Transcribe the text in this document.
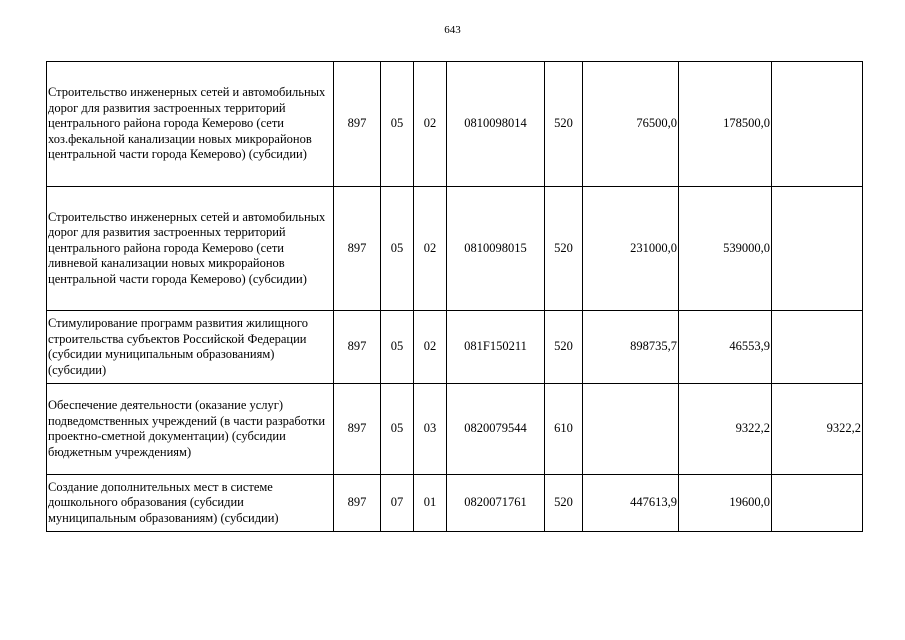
643
Строительство инженерных сетей и автомобильных дорог для развития застроенных территорий центрального района города Кемерово (сети хоз.фекальной канализации новых микрорайонов центральной части города Кемерово) (субсидии)	897	05	02	0810098014	520	76500,0	178500,0	
Строительство инженерных сетей и автомобильных дорог для развития застроенных территорий центрального района города Кемерово (сети ливневой канализации новых микрорайонов центральной части города Кемерово) (субсидии)	897	05	02	0810098015	520	231000,0	539000,0	
Стимулирование программ развития жилищного строительства субъектов Российской Федерации (субсидии муниципальным образованиям) (субсидии)	897	05	02	081F150211	520	898735,7	46553,9	
Обеспечение деятельности (оказание услуг) подведомственных учреждений (в части разработки проектно-сметной документации) (субсидии бюджетным учреждениям)	897	05	03	0820079544	610		9322,2	9322,2
Создание дополнительных мест в системе дошкольного образования (субсидии муниципальным образованиям) (субсидии)	897	07	01	0820071761	520	447613,9	19600,0	
